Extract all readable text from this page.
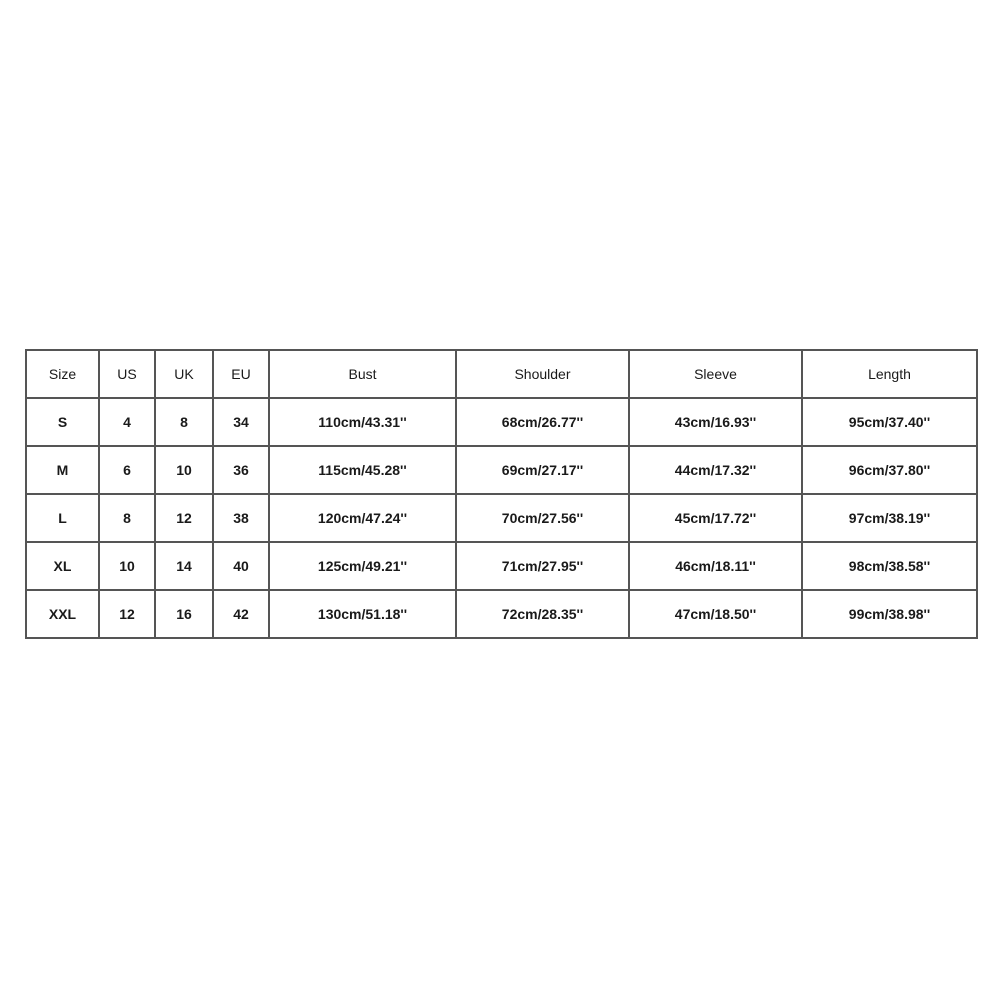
Size	US	UK	EU	Bust	Shoulder	Sleeve	Length
S	4	8	34	110cm/43.31''	68cm/26.77''	43cm/16.93''	95cm/37.40''
M	6	10	36	115cm/45.28''	69cm/27.17''	44cm/17.32''	96cm/37.80''
L	8	12	38	120cm/47.24''	70cm/27.56''	45cm/17.72''	97cm/38.19''
XL	10	14	40	125cm/49.21''	71cm/27.95''	46cm/18.11''	98cm/38.58''
XXL	12	16	42	130cm/51.18''	72cm/28.35''	47cm/18.50''	99cm/38.98''
